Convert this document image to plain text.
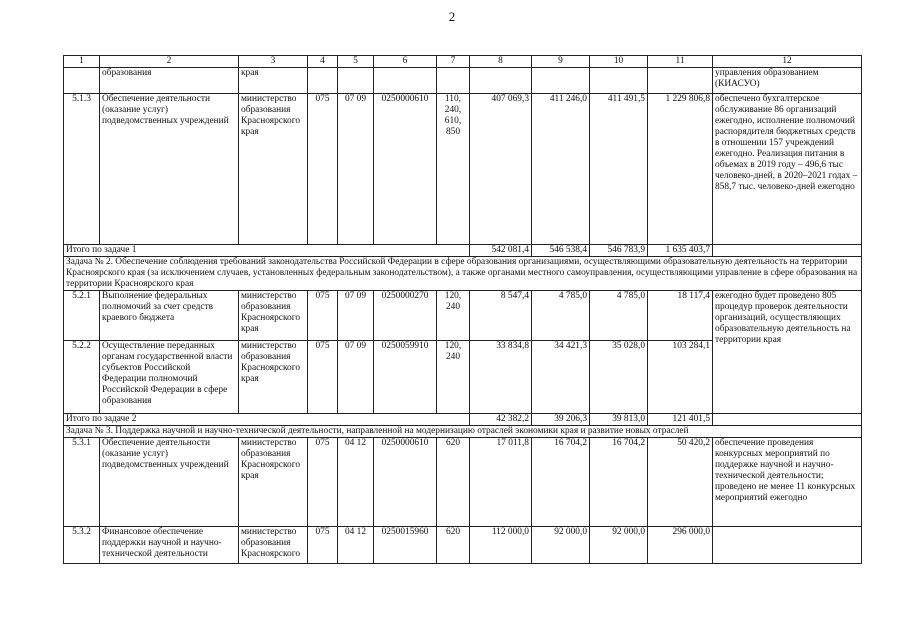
2
1	2	3	4	5	6	7	8	9	10	11	12
	образования	края									управления образованием (КИАСУО)
5.1.3	Обеспечение деятельности (оказание услуг) подведомственных учреждений	министерство образования Красноярского края	075	07 09	0250000610	110, 240, 610, 850	407 069,3	411 246,0	411 491,5	1 229 806,8	обеспечено бухгалтерское обслуживание 86 организаций ежегодно, исполнение полномочий распорядителя бюджетных средств в отношении 157 учреждений ежегодно. Реализация питания в объемах в 2019 году – 496,6 тыс человеко-дней, в 2020–2021 годах – 858,7 тыс. человеко-дней ежегодно
Итого по задаче 1							542 081,4	546 538,4	546 783,9	1 635 403,7	
Задача № 2. Обеспечение соблюдения требований законодательства Российской Федерации в сфере образования организациями, осуществляющими образовательную деятельность на территории Красноярского края (за исключением случаев, установленных федеральным законодательством), а также органами местного самоуправления, осуществляющими управление в сфере образования на территории Красноярского края											
5.2.1	Выполнение федеральных полномочий за счет средств краевого бюджета	министерство образования Красноярского края	075	07 09	0250000270	120, 240	8 547,4	4 785,0	4 785,0	18 117,4	ежегодно будет проведено 805 процедур проверок деятельности организаций, осуществляющих образовательную деятельность на территории края
5.2.2	Осуществление переданных органам государственной власти субъектов Российской Федерации полномочий Российской Федерации в сфере образования	министерство образования Красноярского края	075	07 09	0250059910	120, 240	33 834,8	34 421,3	35 028,0	103 284,1	
Итого по задаче 2							42 382,2	39 206,3	39 813,0	121 401,5	
Задача № 3. Поддержка научной и научно-технической деятельности, направленной на модернизацию отраслей экономики края и развитие новых отраслей											
5.3.1	Обеспечение деятельности (оказание услуг) подведомственных учреждений	министерство образования Красноярского края	075	04 12	0250000610	620	17 011,8	16 704,2	16 704,2	50 420,2	обеспечение проведения конкурсных мероприятий по поддержке научной и научно-технической деятельности; проведено не менее 11 конкурсных мероприятий ежегодно
5.3.2	Финансовое обеспечение поддержки научной и научно-технической деятельности	министерство образования Красноярского	075	04 12	0250015960	620	112 000,0	92 000,0	92 000,0	296 000,0	
